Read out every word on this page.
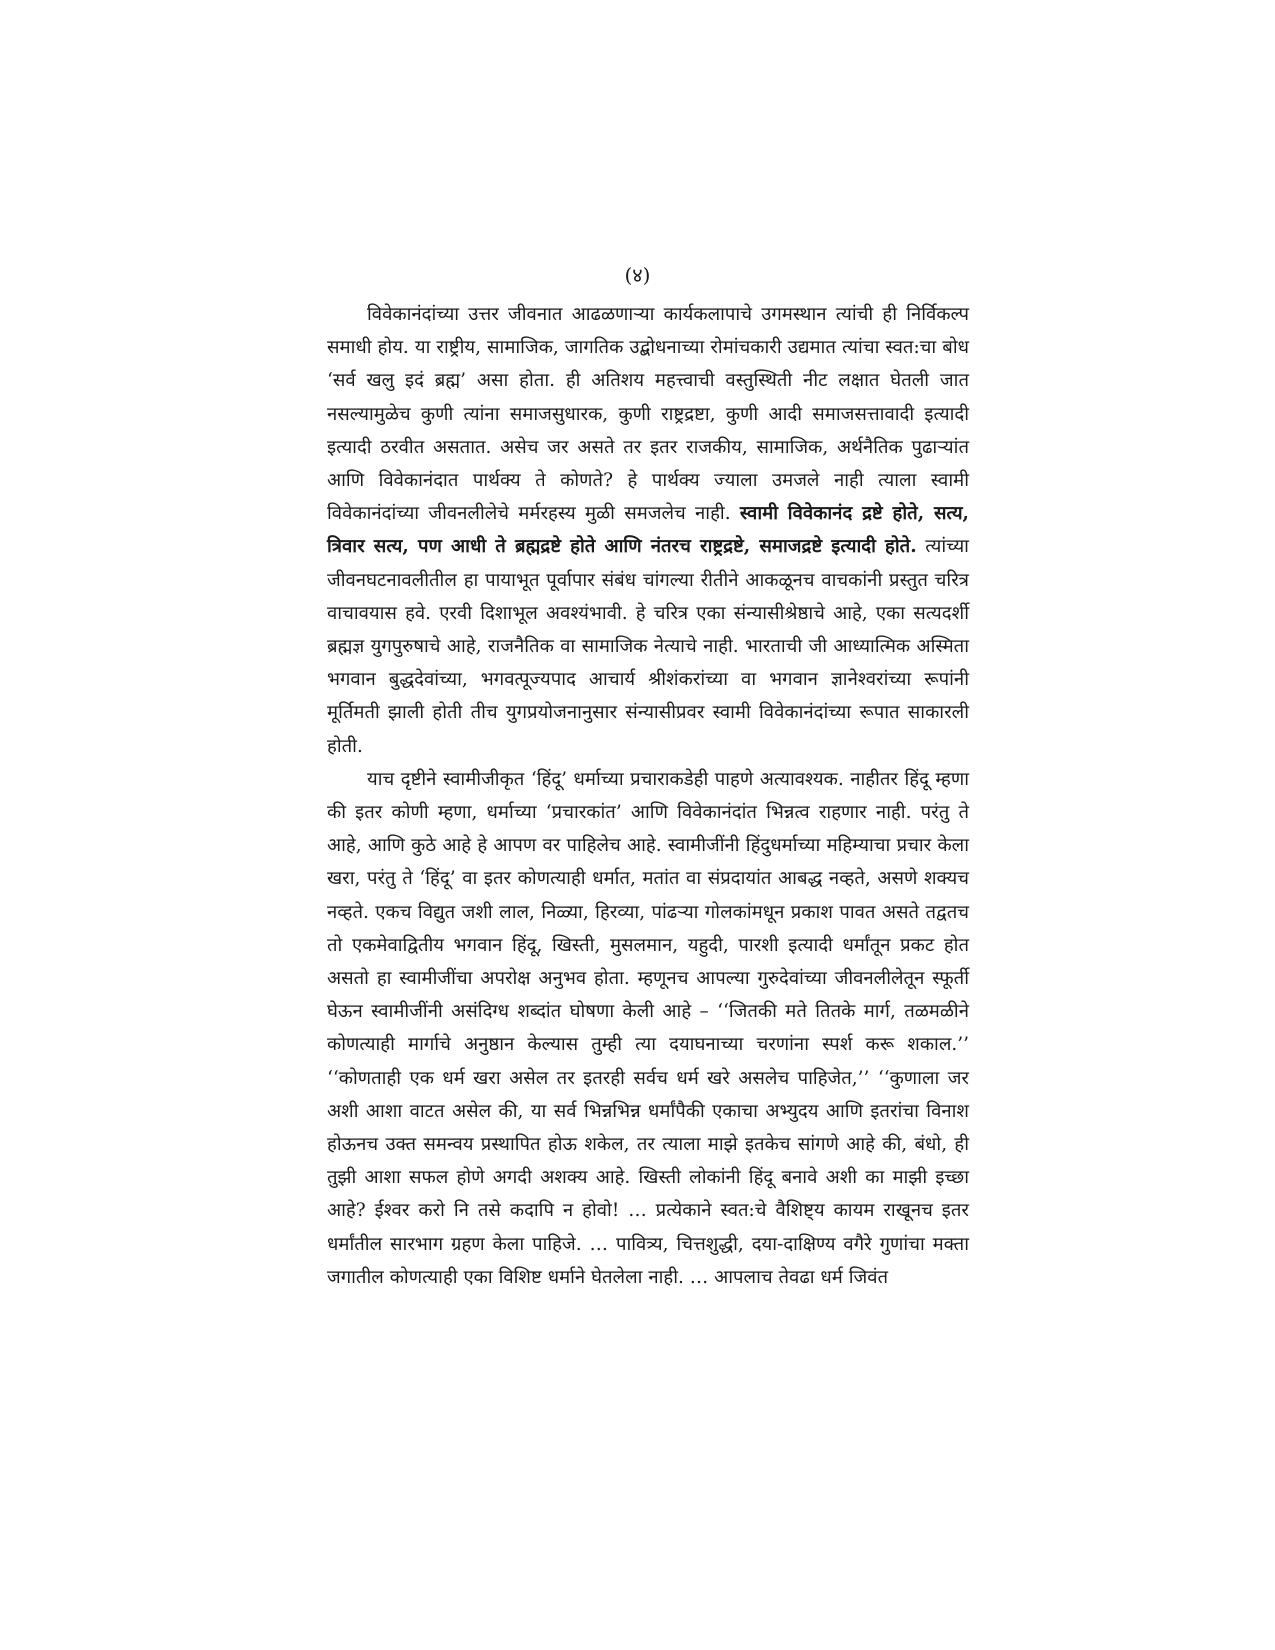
(४)

विवेकानंदांच्या उत्तर जीवनात आढळणाऱ्या कार्यकलापाचे उगमस्थान त्यांची ही निर्विकल्प समाधी होय. या राष्ट्रीय, सामाजिक, जागतिक उद्बोधनाच्या रोमांचकारी उद्यमात त्यांचा स्वत:चा बोध ‘सर्व खलु इदं ब्रह्म’ असा होता. ही अतिशय महत्त्वाची वस्तुस्थिती नीट लक्षात घेतली जात नसल्यामुळेच कुणी त्यांना समाजसुधारक, कुणी राष्ट्रद्रष्टा, कुणी आदी समाजसत्तावादी इत्यादी इत्यादी ठरवीत असतात. असेच जर असते तर इतर राजकीय, सामाजिक, अर्थनैतिक पुढाऱ्यांत आणि विवेकानंदात पार्थक्य ते कोणते? हे पार्थक्य ज्याला उमजले नाही त्याला स्वामी विवेकानंदांच्या जीवनलीलेचे मर्मरहस्य मुळी समजलेच नाही. स्वामी विवेकानंद द्रष्टे होते, सत्य, त्रिवार सत्य, पण आधी ते ब्रह्मद्रष्टे होते आणि नंतरच राष्ट्रद्रष्टे, समाजद्रष्टे इत्यादी होते. त्यांच्या जीवनघटनावलीतील हा पायाभूत पूर्वापार संबंध चांगल्या रीतीने आकळूनच वाचकांनी प्रस्तुत चरित्र वाचावयास हवे. एरवी दिशाभूल अवश्यंभावी. हे चरित्र एका संन्यासीश्रेष्ठाचे आहे, एका सत्यदर्शी ब्रह्मज्ञ युगपुरुषाचे आहे, राजनैतिक वा सामाजिक नेत्याचे नाही. भारताची जी आध्यात्मिक अस्मिता भगवान बुद्धदेवांच्या, भगवत्पूज्यपाद आचार्य श्रीशंकरांच्या वा भगवान ज्ञानेश्वरांच्या रूपांनी मूर्तिमती झाली होती तीच युगप्रयोजनानुसार संन्यासीप्रवर स्वामी विवेकानंदांच्या रूपात साकारली होती.

याच दृष्टीने स्वामीजीकृत ‘हिंदू’ धर्माच्या प्रचाराकडेही पाहणे अत्यावश्यक. नाहीतर हिंदू म्हणा की इतर कोणी म्हणा, धर्माच्या ‘प्रचारकांत’ आणि विवेकानंदांत भिन्नत्व राहणार नाही. परंतु ते आहे, आणि कुठे आहे हे आपण वर पाहिलेच आहे. स्वामीजींनी हिंदुधर्माच्या महिम्याचा प्रचार केला खरा, परंतु ते ‘हिंदू’ वा इतर कोणत्याही धर्मात, मतांत वा संप्रदायांत आबद्ध नव्हते, असणे शक्यच नव्हते. एकच विद्युत जशी लाल, निळ्या, हिरव्या, पांढऱ्या गोलकांमधून प्रकाश पावत असते तद्वतच तो एकमेवाद्वितीय भगवान हिंदू, खिस्ती, मुसलमान, यहुदी, पारशी इत्यादी धर्मांतून प्रकट होत असतो हा स्वामीजींचा अपरोक्ष अनुभव होता. म्हणूनच आपल्या गुरुदेवांच्या जीवनलीलेतून स्फूर्ती घेऊन स्वामीजींनी असंदिग्ध शब्दांत घोषणा केली आहे – ‘‘जितकी मते तितके मार्ग, तळमळीने कोणत्याही मार्गाचे अनुष्ठान केल्यास तुम्ही त्या दयाघनाच्या चरणांना स्पर्श करू शकाल.’’ ‘‘कोणताही एक धर्म खरा असेल तर इतरही सर्वच धर्म खरे असलेच पाहिजेत,’’ ‘‘कुणाला जर अशी आशा वाटत असेल की, या सर्व भिन्नभिन्न धर्मांपैकी एकाचा अभ्युदय आणि इतरांचा विनाश होऊनच उक्त समन्वय प्रस्थापित होऊ शकेल, तर त्याला माझे इतकेच सांगणे आहे की, बंधो, ही तुझी आशा सफल होणे अगदी अशक्य आहे. खिस्ती लोकांनी हिंदू बनावे अशी का माझी इच्छा आहे? ईश्वर करो नि तसे कदापि न होवो! … प्रत्येकाने स्वत:चे वैशिष्ट्य कायम राखूनच इतर धर्मांतील सारभाग ग्रहण केला पाहिजे. … पावित्र्य, चित्तशुद्धी, दया-दाक्षिण्य वगैरे गुणांचा मक्ता जगातील कोणत्याही एका विशिष्ट धर्माने घेतलेला नाही. … आपलाच तेवढा धर्म जिवंत
